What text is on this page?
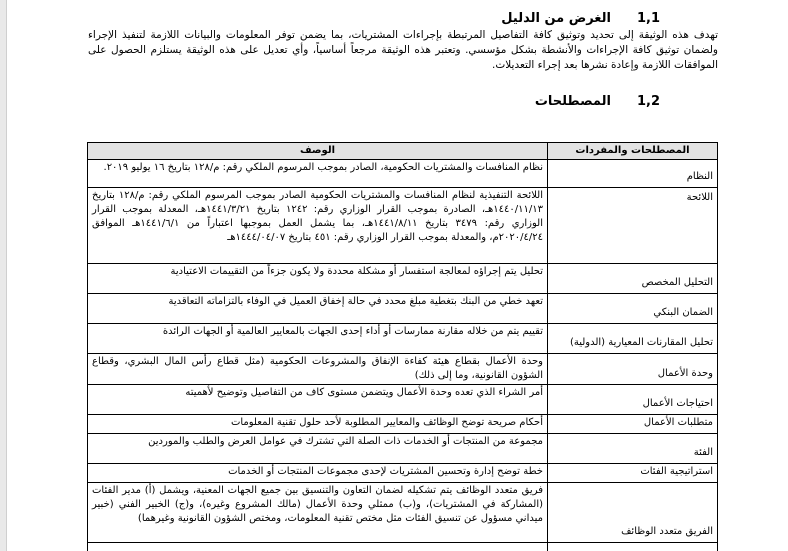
1,1
الغرض من الدليل
تهدف هذه الوثيقة إلى تحديد وتوثيق كافة التفاصيل المرتبطة بإجراءات المشتريات، بما يضمن توفر المعلومات والبيانات اللازمة لتنفيذ الإجراء ولضمان توثيق كافة الإجراءات والأنشطة بشكل مؤسسي. وتعتبر هذه الوثيقة مرجعاً أساسياً، وأي تعديل على هذه الوثيقة يستلزم الحصول على الموافقات اللازمة وإعادة نشرها بعد إجراء التعديلات.
1,2
المصطلحات
المصطلحات والمفردات	الوصف
النظام	نظام المنافسات والمشتريات الحكومية، الصادر بموجب المرسوم الملكي رقم: م/١٢٨ بتاريخ ١٦ يوليو ٢٠١٩.
اللائحة	اللائحة التنفيذية لنظام المنافسات والمشتريات الحكومية الصادر بموجب المرسوم الملكي رقم: م/١٢٨ بتاريخ ١٤٤٠/١١/١٣هـ، الصادرة بموجب القرار الوزاري رقم: ١٢٤٢ بتاريخ ١٤٤١/٣/٢١هـ، المعدلة بموجب القرار الوزاري رقم: ٣٤٧٩ بتاريخ ١٤٤١/٨/١١هـ، بما يشمل العمل بموجبها اعتباراً من ١٤٤١/٦/١هـ الموافق ٢٠٢٠/٤/٢٤م، والمعدلة بموجب القرار الوزاري رقم: ٤٥١ بتاريخ ١٤٤٤/٠٤/٠٧هـ
التحليل المخصص	تحليل يتم إجراؤه لمعالجة استفسار أو مشكلة محددة ولا يكون جزءاً من التقييمات الاعتيادية
الضمان البنكي	تعهد خطي من البنك بتغطية مبلغ محدد في حالة إخفاق العميل في الوفاء بالتزاماته التعاقدية
تحليل المقارنات المعيارية (الدولية)	تقييم يتم من خلاله مقارنة ممارسات أو أداء إحدى الجهات بالمعايير العالمية أو الجهات الرائدة
وحدة الأعمال	وحدة الأعمال بقطاع هيئة كفاءة الإنفاق والمشروعات الحكومية (مثل قطاع رأس المال البشري، وقطاع الشؤون القانونية، وما إلى ذلك)
احتياجات الأعمال	أمر الشراء الذي تعده وحدة الأعمال ويتضمن مستوى كاف من التفاصيل وتوضيح لأهميته
متطلبات الأعمال	أحكام صريحة توضح الوظائف والمعايير المطلوبة لأحد حلول تقنية المعلومات
الفئة	مجموعة من المنتجات أو الخدمات ذات الصلة التي تشترك في عوامل العرض والطلب والموردين
استراتيجية الفئات	خطة توضح إدارة وتحسين المشتريات لإحدى مجموعات المنتجات أو الخدمات
الفريق متعدد الوظائف	فريق متعدد الوظائف يتم تشكيله لضمان التعاون والتنسيق بين جميع الجهات المعنية، ويشمل (أ) مدير الفئات (المشاركة في المشتريات)، و(ب) ممثلي وحدة الأعمال (مالك المشروع وغيره)، و(ج) الخبير الفني (خبير ميداني مسؤول عن تنسيق الفئات مثل مختص تقنية المعلومات، ومختص الشؤون القانونية وغيرهما)
